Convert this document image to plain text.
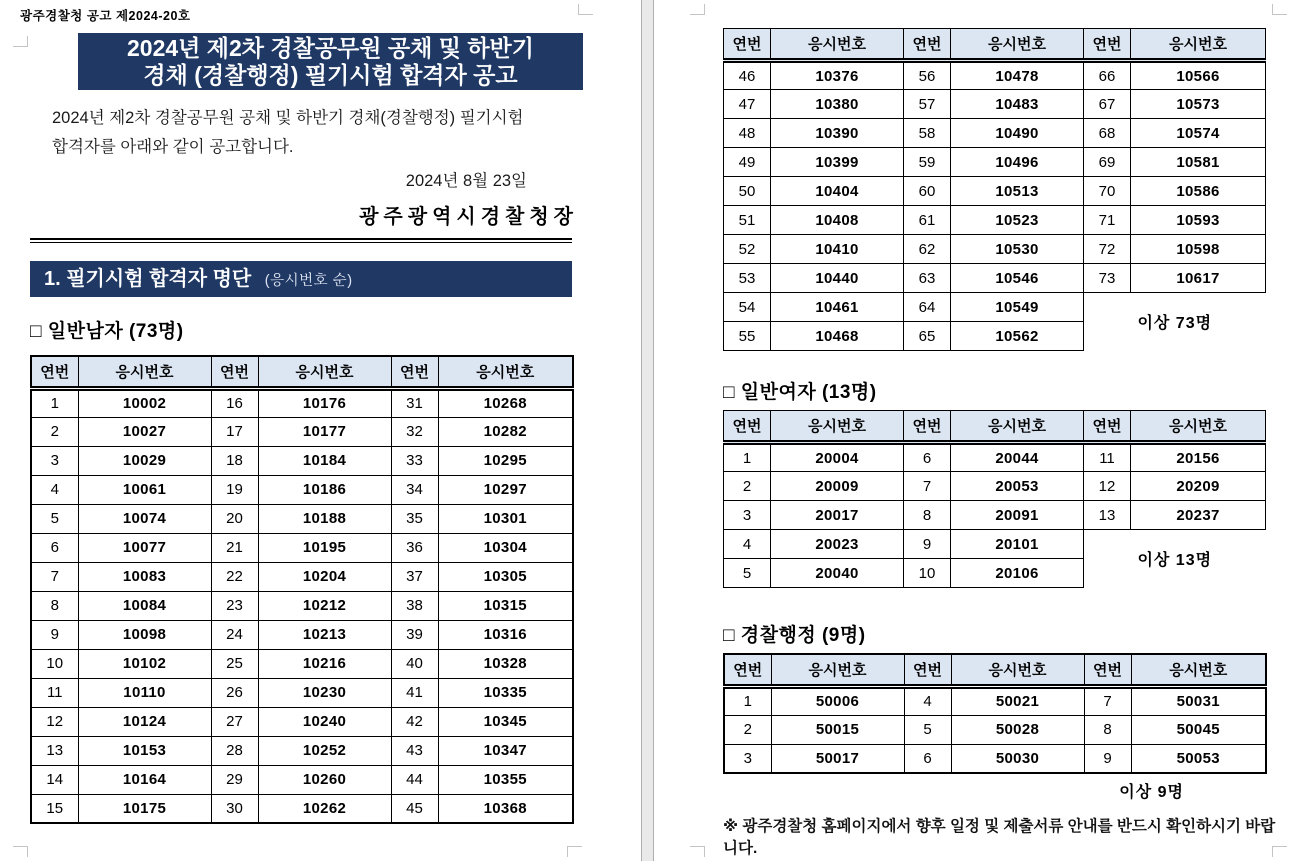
광주경찰청 공고 제2024-20호
2024년 제2차 경찰공무원 공채 및 하반기
경채 (경찰행정) 필기시험 합격자 공고
2024년 제2차 경찰공무원 공채 및 하반기 경채(경찰행정) 필기시험
합격자를 아래와 같이 공고합니다.
2024년 8월 23일
광주광역시경찰청장
1. 필기시험 합격자 명단 (응시번호 순)
□ 일반남자 (73명)
연번	응시번호	연번	응시번호	연번	응시번호
1	10002	16	10176	31	10268
2	10027	17	10177	32	10282
3	10029	18	10184	33	10295
4	10061	19	10186	34	10297
5	10074	20	10188	35	10301
6	10077	21	10195	36	10304
7	10083	22	10204	37	10305
8	10084	23	10212	38	10315
9	10098	24	10213	39	10316
10	10102	25	10216	40	10328
11	10110	26	10230	41	10335
12	10124	27	10240	42	10345
13	10153	28	10252	43	10347
14	10164	29	10260	44	10355
15	10175	30	10262	45	10368
연번	응시번호	연번	응시번호	연번	응시번호
46	10376	56	10478	66	10566
47	10380	57	10483	67	10573
48	10390	58	10490	68	10574
49	10399	59	10496	69	10581
50	10404	60	10513	70	10586
51	10408	61	10523	71	10593
52	10410	62	10530	72	10598
53	10440	63	10546	73	10617
54	10461	64	10549	이상 73명	
55	10468	65	10562		
□ 일반여자 (13명)
연번	응시번호	연번	응시번호	연번	응시번호
1	20004	6	20044	11	20156
2	20009	7	20053	12	20209
3	20017	8	20091	13	20237
4	20023	9	20101	이상 13명	
5	20040	10	20106		
□ 경찰행정 (9명)
연번	응시번호	연번	응시번호	연번	응시번호
1	50006	4	50021	7	50031
2	50015	5	50028	8	50045
3	50017	6	50030	9	50053
이상 9명
※ 광주경찰청 홈페이지에서 향후 일정 및 제출서류 안내를 반드시 확인하시기 바랍니다.
